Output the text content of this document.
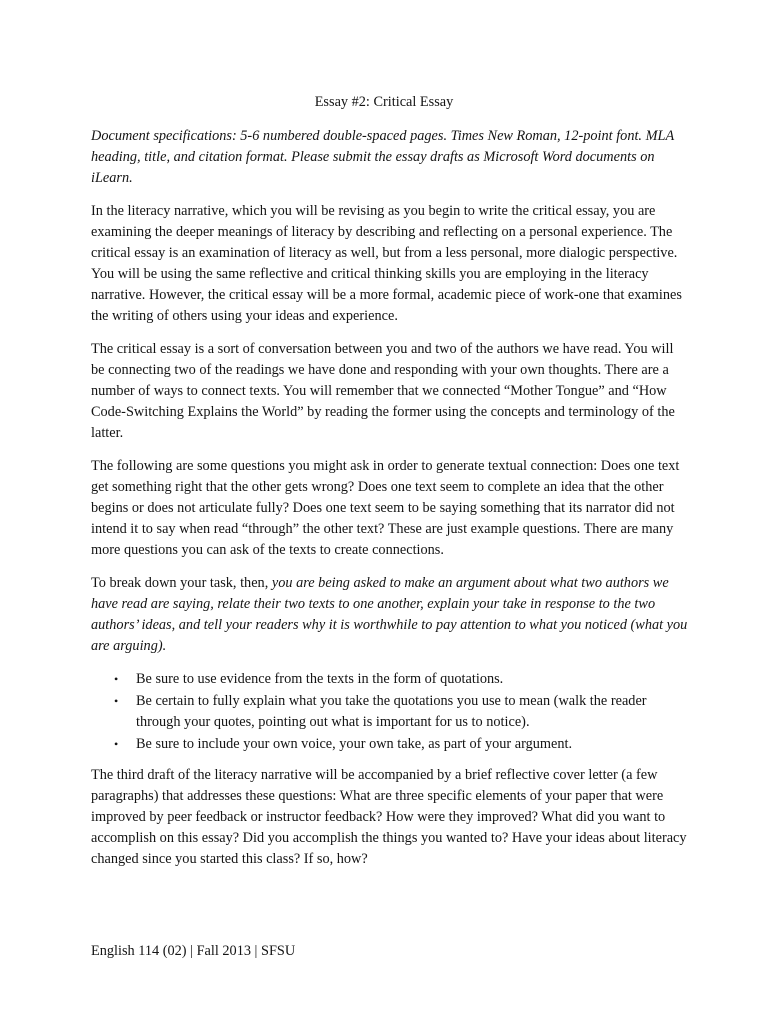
Essay #2: Critical Essay

Document specifications: 5-6 numbered double-spaced pages. Times New Roman, 12-point font. MLA heading, title, and citation format. Please submit the essay drafts as Microsoft Word documents on iLearn.

In the literacy narrative, which you will be revising as you begin to write the critical essay, you are examining the deeper meanings of literacy by describing and reflecting on a personal experience. The critical essay is an examination of literacy as well, but from a less personal, more dialogic perspective. You will be using the same reflective and critical thinking skills you are employing in the literacy narrative. However, the critical essay will be a more formal, academic piece of work-one that examines the writing of others using your ideas and experience.

The critical essay is a sort of conversation between you and two of the authors we have read. You will be connecting two of the readings we have done and responding with your own thoughts. There are a number of ways to connect texts. You will remember that we connected “Mother Tongue” and “How Code-Switching Explains the World” by reading the former using the concepts and terminology of the latter.

The following are some questions you might ask in order to generate textual connection: Does one text get something right that the other gets wrong? Does one text seem to complete an idea that the other begins or does not articulate fully? Does one text seem to be saying something that its narrator did not intend it to say when read “through” the other text? These are just example questions. There are many more questions you can ask of the texts to create connections.

To break down your task, then, you are being asked to make an argument about what two authors we have read are saying, relate their two texts to one another, explain your take in response to the two authors’ ideas, and tell your readers why it is worthwhile to pay attention to what you noticed (what you are arguing).

• Be sure to use evidence from the texts in the form of quotations.
• Be certain to fully explain what you take the quotations you use to mean (walk the reader through your quotes, pointing out what is important for us to notice).
• Be sure to include your own voice, your own take, as part of your argument.

The third draft of the literacy narrative will be accompanied by a brief reflective cover letter (a few paragraphs) that addresses these questions: What are three specific elements of your paper that were improved by peer feedback or instructor feedback? How were they improved? What did you want to accomplish on this essay? Did you accomplish the things you wanted to? Have your ideas about literacy changed since you started this class? If so, how?

English 114 (02) | Fall 2013 | SFSU
